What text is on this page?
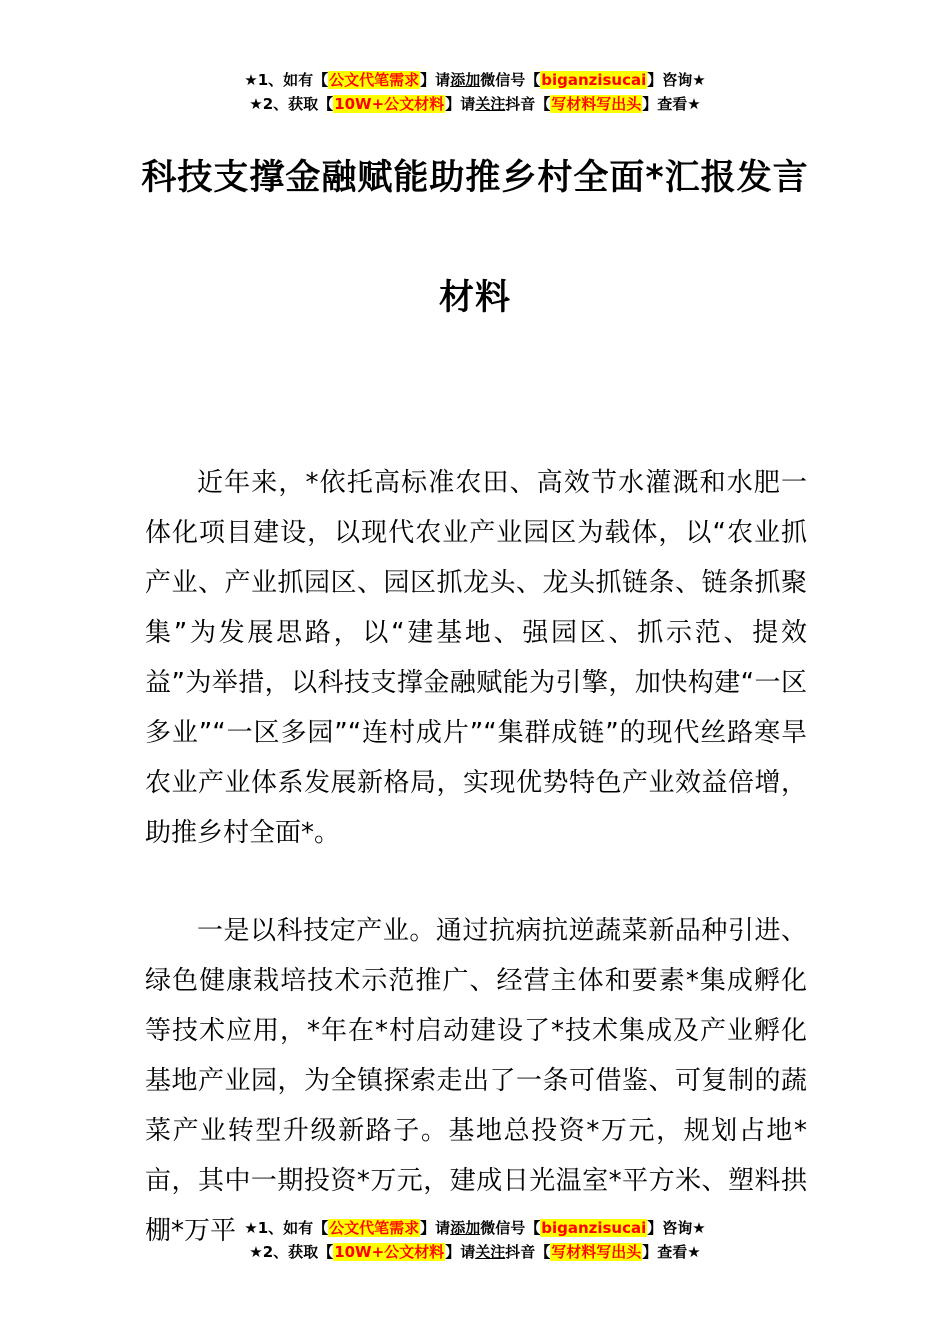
★1、如有【公文代笔需求】请添加微信号【biganzisucai】咨询★
★2、获取【10W+公文材料】请关注抖音【写材料写出头】查看★
科技支撑金融赋能助推乡村全面*汇报发言
材料

近年来，*依托高标准农田、高效节水灌溉和水肥一体化项目建设，以现代农业产业园区为载体，以“农业抓产业、产业抓园区、园区抓龙头、龙头抓链条、链条抓聚集”为发展思路，以“建基地、强园区、抓示范、提效益”为举措，以科技支撑金融赋能为引擎，加快构建“一区多业”“一区多园”“连村成片”“集群成链”的现代丝路寒旱农业产业体系发展新格局，实现优势特色产业效益倍增，助推乡村全面*。

一是以科技定产业。通过抗病抗逆蔬菜新品种引进、绿色健康栽培技术示范推广、经营主体和要素*集成孵化等技术应用，*年在*村启动建设了*技术集成及产业孵化基地产业园，为全镇探索走出了一条可借鉴、可复制的蔬菜产业转型升级新路子。基地总投资*万元，规划占地*亩，其中一期投资*万元，建成日光温室*平方米、塑料拱棚*万平 ★1、如有【公文代笔需求】请添加微信号【biganzisucai】咨询★
★2、获取【10W+公文材料】请关注抖音【写材料写出头】查看★
